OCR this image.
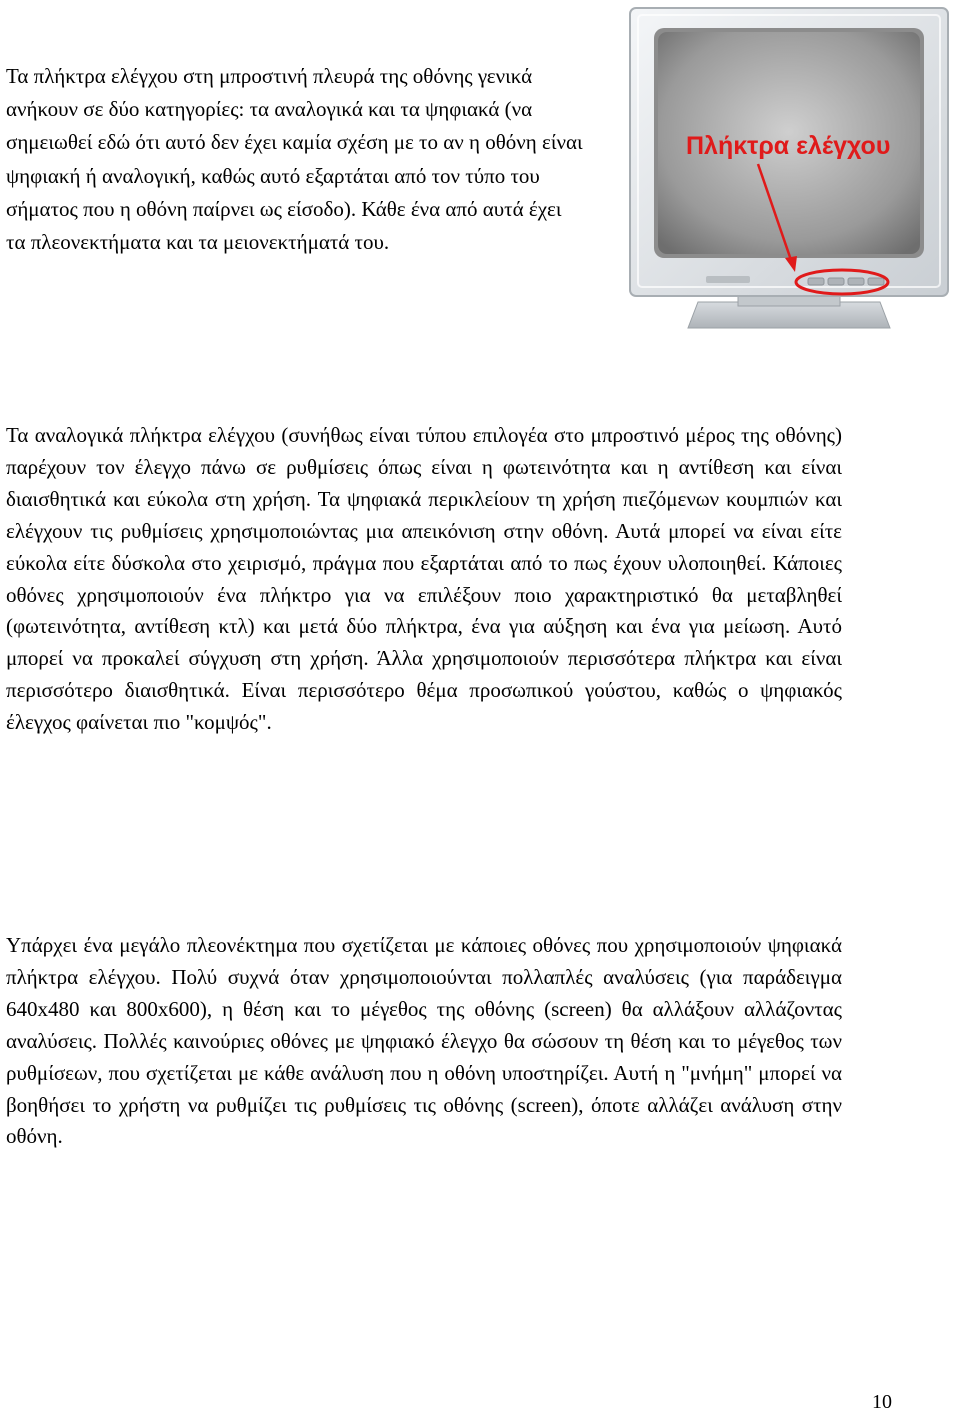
Τα πλήκτρα ελέγχου στη μπροστινή πλευρά της οθόνης γενικά ανήκουν σε δύο κατηγορίες: τα αναλογικά και τα ψηφιακά (να σημειωθεί εδώ ότι αυτό δεν έχει καμία σχέση με το αν η οθόνη είναι ψηφιακή ή αναλογική, καθώς αυτό εξαρτάται από τον τύπο του σήματος που η οθόνη παίρνει ως είσοδο). Κάθε ένα από αυτά έχει τα πλεονεκτήματα και τα μειονεκτήματά του.

Πλήκτρα ελέγχου

Τα αναλογικά πλήκτρα ελέγχου (συνήθως είναι τύπου επιλογέα στο μπροστινό μέρος της οθόνης) παρέχουν τον έλεγχο πάνω σε ρυθμίσεις όπως είναι η φωτεινότητα και η αντίθεση και είναι διαισθητικά και εύκολα στη χρήση. Τα ψηφιακά περικλείουν τη χρήση πιεζόμενων κουμπιών και ελέγχουν τις ρυθμίσεις χρησιμοποιώντας μια απεικόνιση στην οθόνη. Αυτά μπορεί να είναι είτε εύκολα είτε δύσκολα στο χειρισμό, πράγμα που εξαρτάται από το πως έχουν υλοποιηθεί. Κάποιες οθόνες χρησιμοποιούν ένα πλήκτρο για να επιλέξουν ποιο χαρακτηριστικό θα μεταβληθεί (φωτεινότητα, αντίθεση κτλ) και μετά δύο πλήκτρα, ένα για αύξηση και ένα για μείωση. Αυτό μπορεί να προκαλεί σύγχυση στη χρήση. Άλλα χρησιμοποιούν περισσότερα πλήκτρα και είναι περισσότερο διαισθητικά. Είναι περισσότερο θέμα προσωπικού γούστου, καθώς ο ψηφιακός έλεγχος φαίνεται πιο "κομψός".

Υπάρχει ένα μεγάλο πλεονέκτημα που σχετίζεται με κάποιες οθόνες που χρησιμοποιούν ψηφιακά πλήκτρα ελέγχου. Πολύ συχνά όταν χρησιμοποιούνται πολλαπλές αναλύσεις (για παράδειγμα 640x480 και 800x600), η θέση και το μέγεθος της οθόνης (screen) θα αλλάξουν αλλάζοντας αναλύσεις. Πολλές καινούριες οθόνες με ψηφιακό έλεγχο θα σώσουν τη θέση και το μέγεθος των ρυθμίσεων, που σχετίζεται με κάθε ανάλυση που η οθόνη υποστηρίζει. Αυτή η "μνήμη" μπορεί να βοηθήσει το χρήστη να ρυθμίζει τις ρυθμίσεις τις οθόνης (screen), όποτε αλλάζει ανάλυση στην οθόνη.

10
